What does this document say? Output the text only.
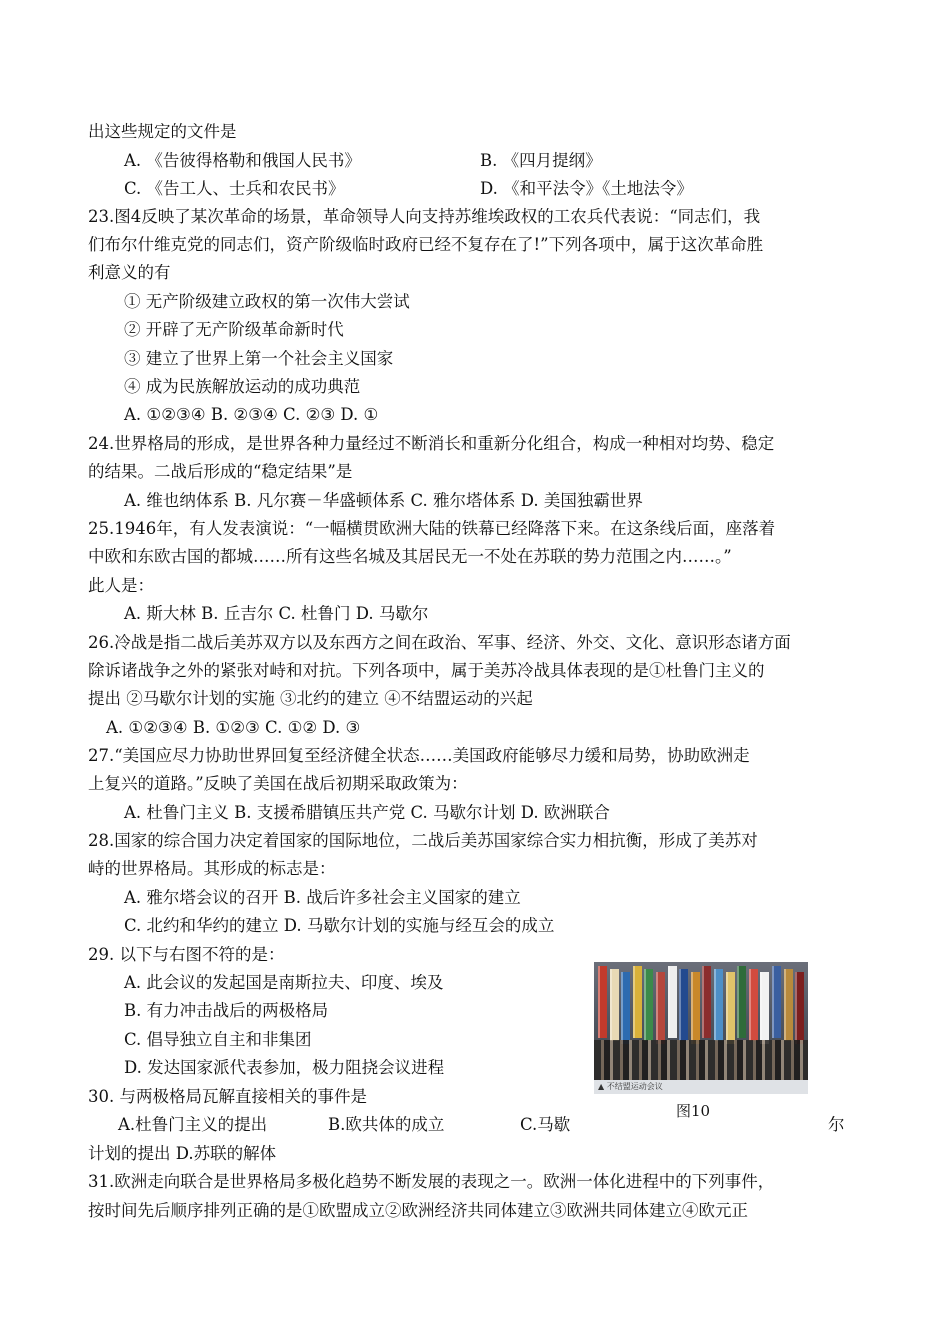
出这些规定的文件是
A. 《告彼得格勒和俄国人民书》	B. 《四月提纲》
C. 《告工人、士兵和农民书》	D. 《和平法令》《土地法令》
23.图4反映了某次革命的场景，革命领导人向支持苏维埃政权的工农兵代表说：“同志们，我
们布尔什维克党的同志们，资产阶级临时政府已经不复存在了!”下列各项中，属于这次革命胜
利意义的有
① 无产阶级建立政权的第一次伟大尝试
② 开辟了无产阶级革命新时代
③ 建立了世界上第一个社会主义国家
④ 成为民族解放运动的成功典范
A. ①②③④ B. ②③④ C. ②③ D. ①
24.世界格局的形成，是世界各种力量经过不断消长和重新分化组合，构成一种相对均势、稳定
的结果。二战后形成的“稳定结果”是
A. 维也纳体系 B. 凡尔赛－华盛顿体系 C. 雅尔塔体系 D. 美国独霸世界
25.1946年，有人发表演说：“一幅横贯欧洲大陆的铁幕已经降落下来。在这条线后面，座落着
中欧和东欧古国的都城……所有这些名城及其居民无一不处在苏联的势力范围之内……。”
此人是：
A. 斯大林 B. 丘吉尔 C. 杜鲁门 D. 马歇尔
26.冷战是指二战后美苏双方以及东西方之间在政治、军事、经济、外交、文化、意识形态诸方面
除诉诸战争之外的紧张对峙和对抗。下列各项中，属于美苏冷战具体表现的是①杜鲁门主义的
提出 ②马歇尔计划的实施 ③北约的建立 ④不结盟运动的兴起
A. ①②③④ B. ①②③ C. ①② D. ③
27.“美国应尽力协助世界回复至经济健全状态……美国政府能够尽力缓和局势，协助欧洲走
上复兴的道路。”反映了美国在战后初期采取政策为：
A. 杜鲁门主义 B. 支援希腊镇压共产党 C. 马歇尔计划 D. 欧洲联合
28.国家的综合国力决定着国家的国际地位，二战后美苏国家综合实力相抗衡，形成了美苏对
峙的世界格局。其形成的标志是：
A. 雅尔塔会议的召开 B. 战后许多社会主义国家的建立
C. 北约和华约的建立 D. 马歇尔计划的实施与经互会的成立
29. 以下与右图不符的是：
A. 此会议的发起国是南斯拉夫、印度、埃及
B. 有力冲击战后的两极格局
C. 倡导独立自主和非集团
D. 发达国家派代表参加，极力阻挠会议进程
▲ 不结盟运动会议
图10
30. 与两极格局瓦解直接相关的事件是
A.杜鲁门主义的提出	B.欧共体的成立	C.马歇	尔
计划的提出 D.苏联的解体
31.欧洲走向联合是世界格局多极化趋势不断发展的表现之一。欧洲一体化进程中的下列事件，
按时间先后顺序排列正确的是①欧盟成立②欧洲经济共同体建立③欧洲共同体建立④欧元正
